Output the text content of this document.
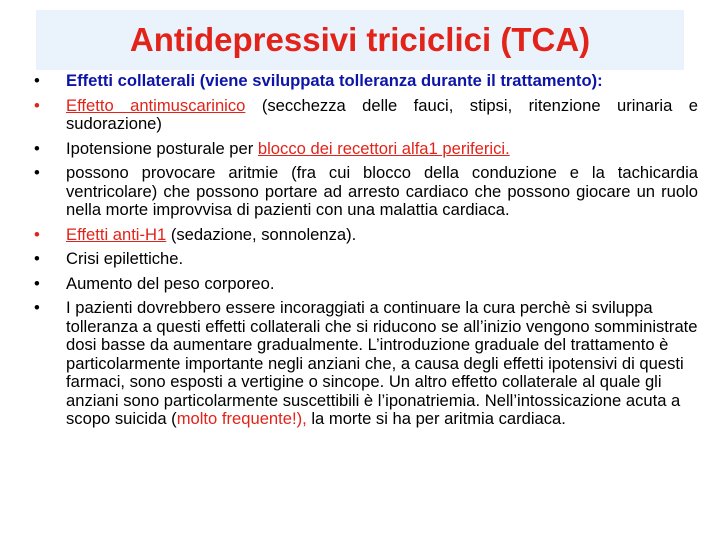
Antidepressivi triciclici (TCA)
• Effetti collaterali (viene sviluppata tolleranza durante il trattamento):
• Effetto antimuscarinico (secchezza delle fauci, stipsi, ritenzione urinaria e sudorazione)
• Ipotensione posturale per blocco dei recettori alfa1 periferici.
• possono provocare aritmie (fra cui blocco della conduzione e la tachicardia ventricolare) che possono portare ad arresto cardiaco che possono giocare un ruolo nella morte improvvisa di pazienti con una malattia cardiaca.
• Effetti anti-H1 (sedazione, sonnolenza).
• Crisi epilettiche.
• Aumento del peso corporeo.
• I pazienti dovrebbero essere incoraggiati a continuare la cura perchè si sviluppa tolleranza a questi effetti collaterali che si riducono se all’inizio vengono somministrate dosi basse da aumentare gradualmente. L’introduzione graduale del trattamento è particolarmente importante negli anziani che, a causa degli effetti ipotensivi di questi farmaci, sono esposti a vertigine o sincope. Un altro effetto collaterale al quale gli anziani sono particolarmente suscettibili è l’iponatriemia. Nell’intossicazione acuta a scopo suicida (molto frequente!), la morte si ha per aritmia cardiaca.
